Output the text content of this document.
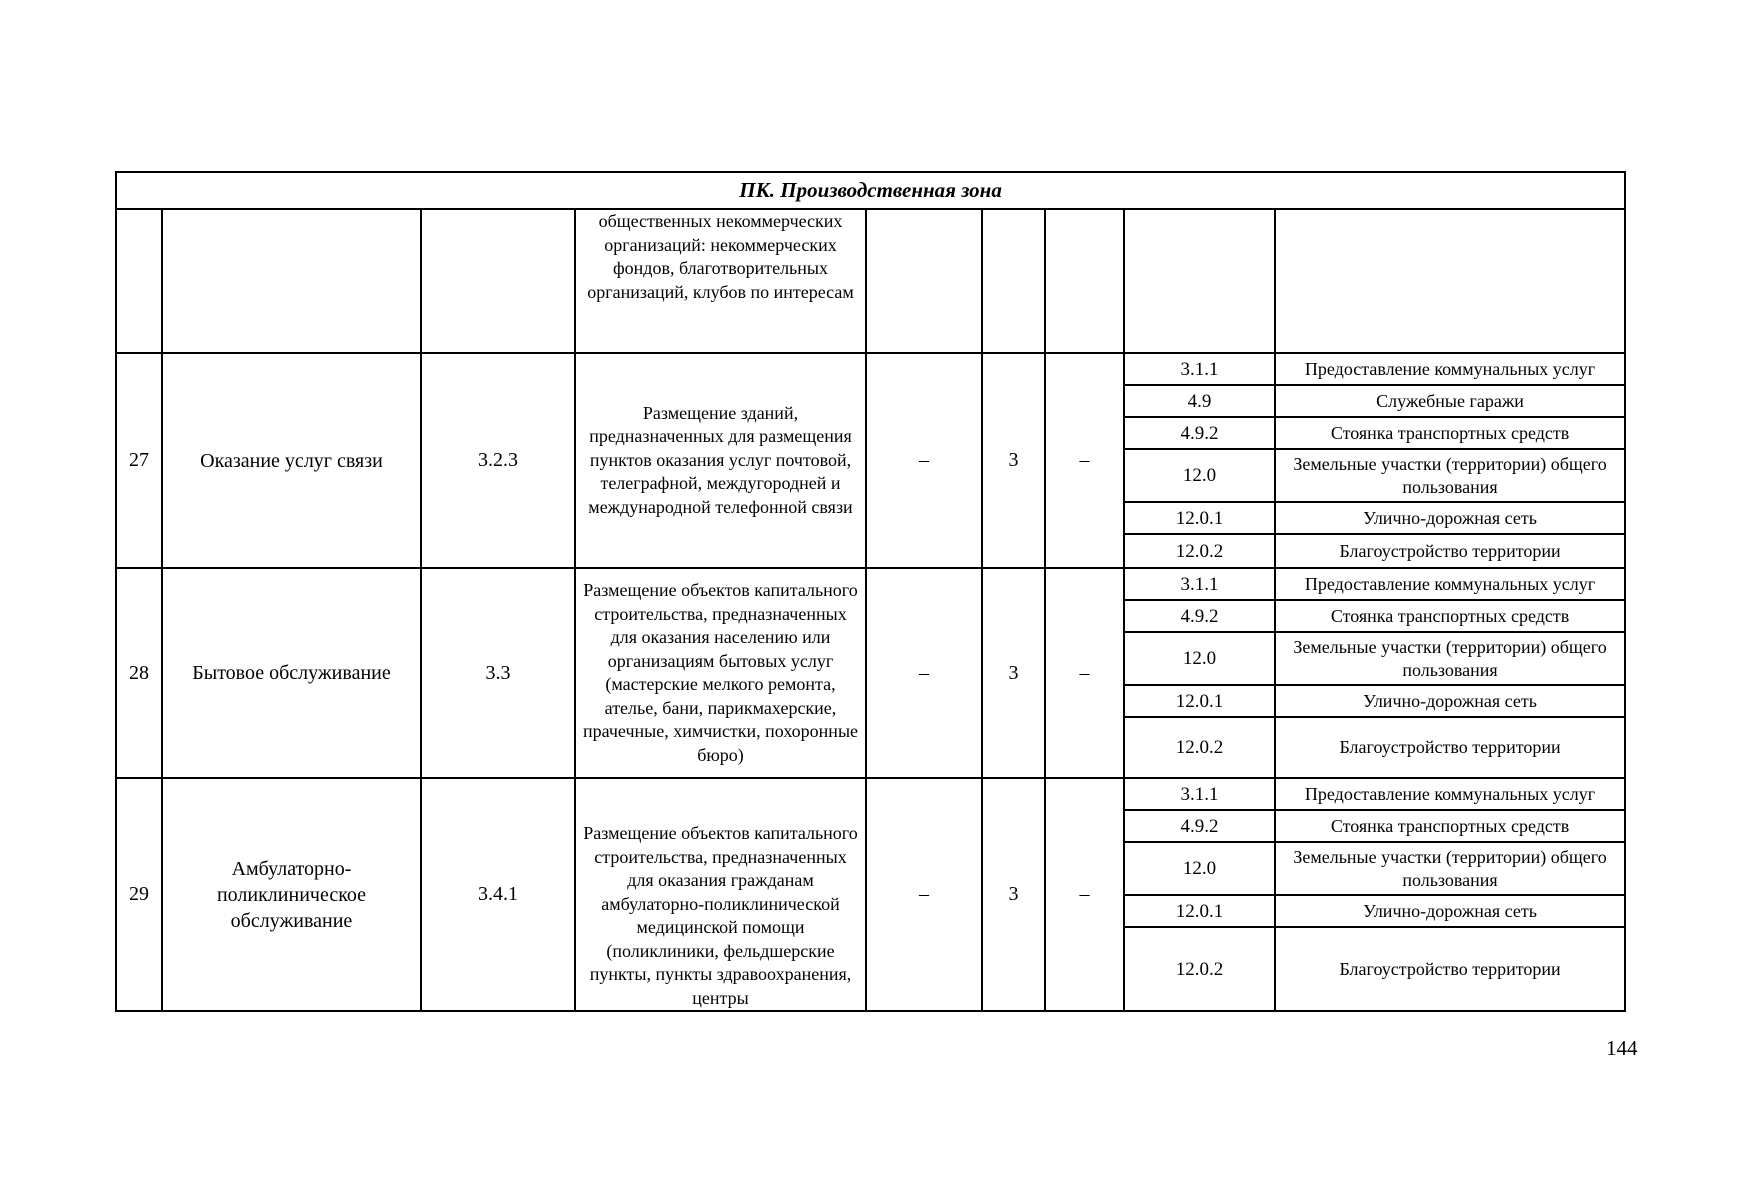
ПК. Производственная зона								
			общественных некоммерческих организаций: некоммерческих фондов, благотворительных организаций, клубов по интересам					
27	Оказание услуг связи	3.2.3	Размещение зданий, предназначенных для размещения пунктов оказания услуг почтовой, телеграфной, междугородней и международной телефонной связи	–	3	–	3.1.1	Предоставление коммунальных услуг
							4.9	Служебные гаражи
							4.9.2	Стоянка транспортных средств
							12.0	Земельные участки (территории) общего пользования
							12.0.1	Улично-дорожная сеть
							12.0.2	Благоустройство территории
28	Бытовое обслуживание	3.3	Размещение объектов капитального строительства, предназначенных для оказания населению или организациям бытовых услуг (мастерские мелкого ремонта, ателье, бани, парикмахерские, прачечные, химчистки, похоронные бюро)	–	3	–	3.1.1	Предоставление коммунальных услуг
							4.9.2	Стоянка транспортных средств
							12.0	Земельные участки (территории) общего пользования
							12.0.1	Улично-дорожная сеть
							12.0.2	Благоустройство территории
29	Амбулаторно-поликлиническое обслуживание	3.4.1	Размещение объектов капитального строительства, предназначенных для оказания гражданам амбулаторно-поликлинической медицинской помощи (поликлиники, фельдшерские пункты, пункты здравоохранения, центры	–	3	–	3.1.1	Предоставление коммунальных услуг
							4.9.2	Стоянка транспортных средств
							12.0	Земельные участки (территории) общего пользования
							12.0.1	Улично-дорожная сеть
							12.0.2	Благоустройство территории
144
